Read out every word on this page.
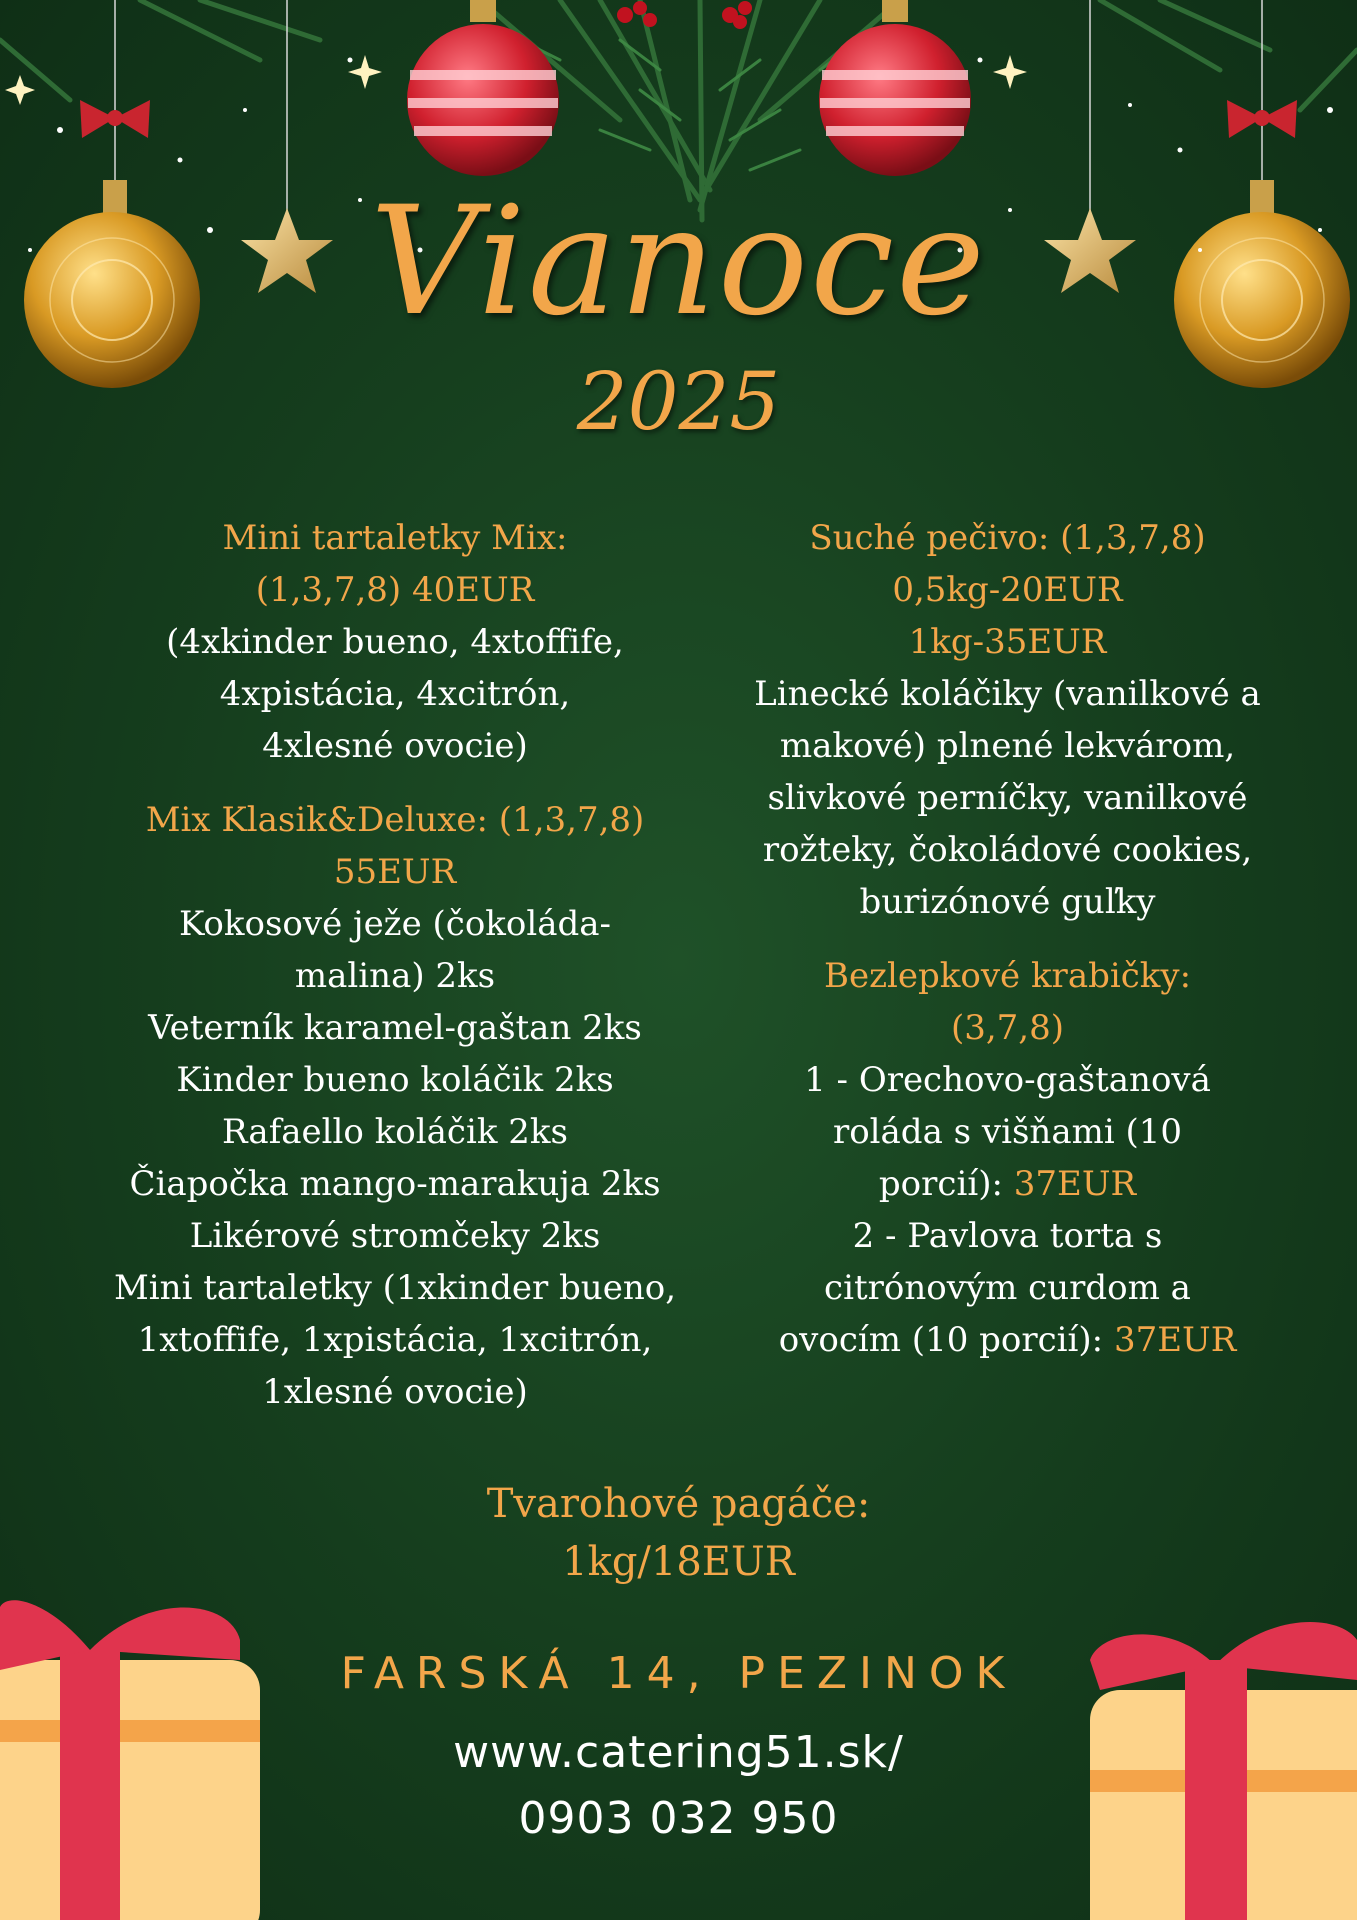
Vianoce
2025
Mini tartaletky Mix:
(1,3,7,8) 40EUR
(4xkinder bueno, 4xtoffife,
4xpistácia, 4xcitrón,
4xlesné ovocie)
Mix Klasik&Deluxe: (1,3,7,8)
55EUR
Kokosové ježe (čokoláda-
malina) 2ks
Veterník karamel-gaštan 2ks
Kinder bueno koláčik 2ks
Rafaello koláčik 2ks
Čiapočka mango-marakuja 2ks
Likérové stromčeky 2ks
Mini tartaletky (1xkinder bueno,
1xtoffife, 1xpistácia, 1xcitrón,
1xlesné ovocie)
Suché pečivo: (1,3,7,8)
0,5kg-20EUR
1kg-35EUR
Linecké koláčiky (vanilkové a
makové) plnené lekvárom,
slivkové perníčky, vanilkové
rožteky, čokoládové cookies,
burizónové guľky
Bezlepkové krabičky:
(3,7,8)
1 - Orechovo-gaštanová
roláda s višňami (10
porcií): 37EUR
2 - Pavlova torta s
citrónovým curdom a
ovocím (10 porcií): 37EUR
Tvarohové pagáče:
1kg/18EUR
FARSKÁ 14, PEZINOK
www.catering51.sk/
0903 032 950
